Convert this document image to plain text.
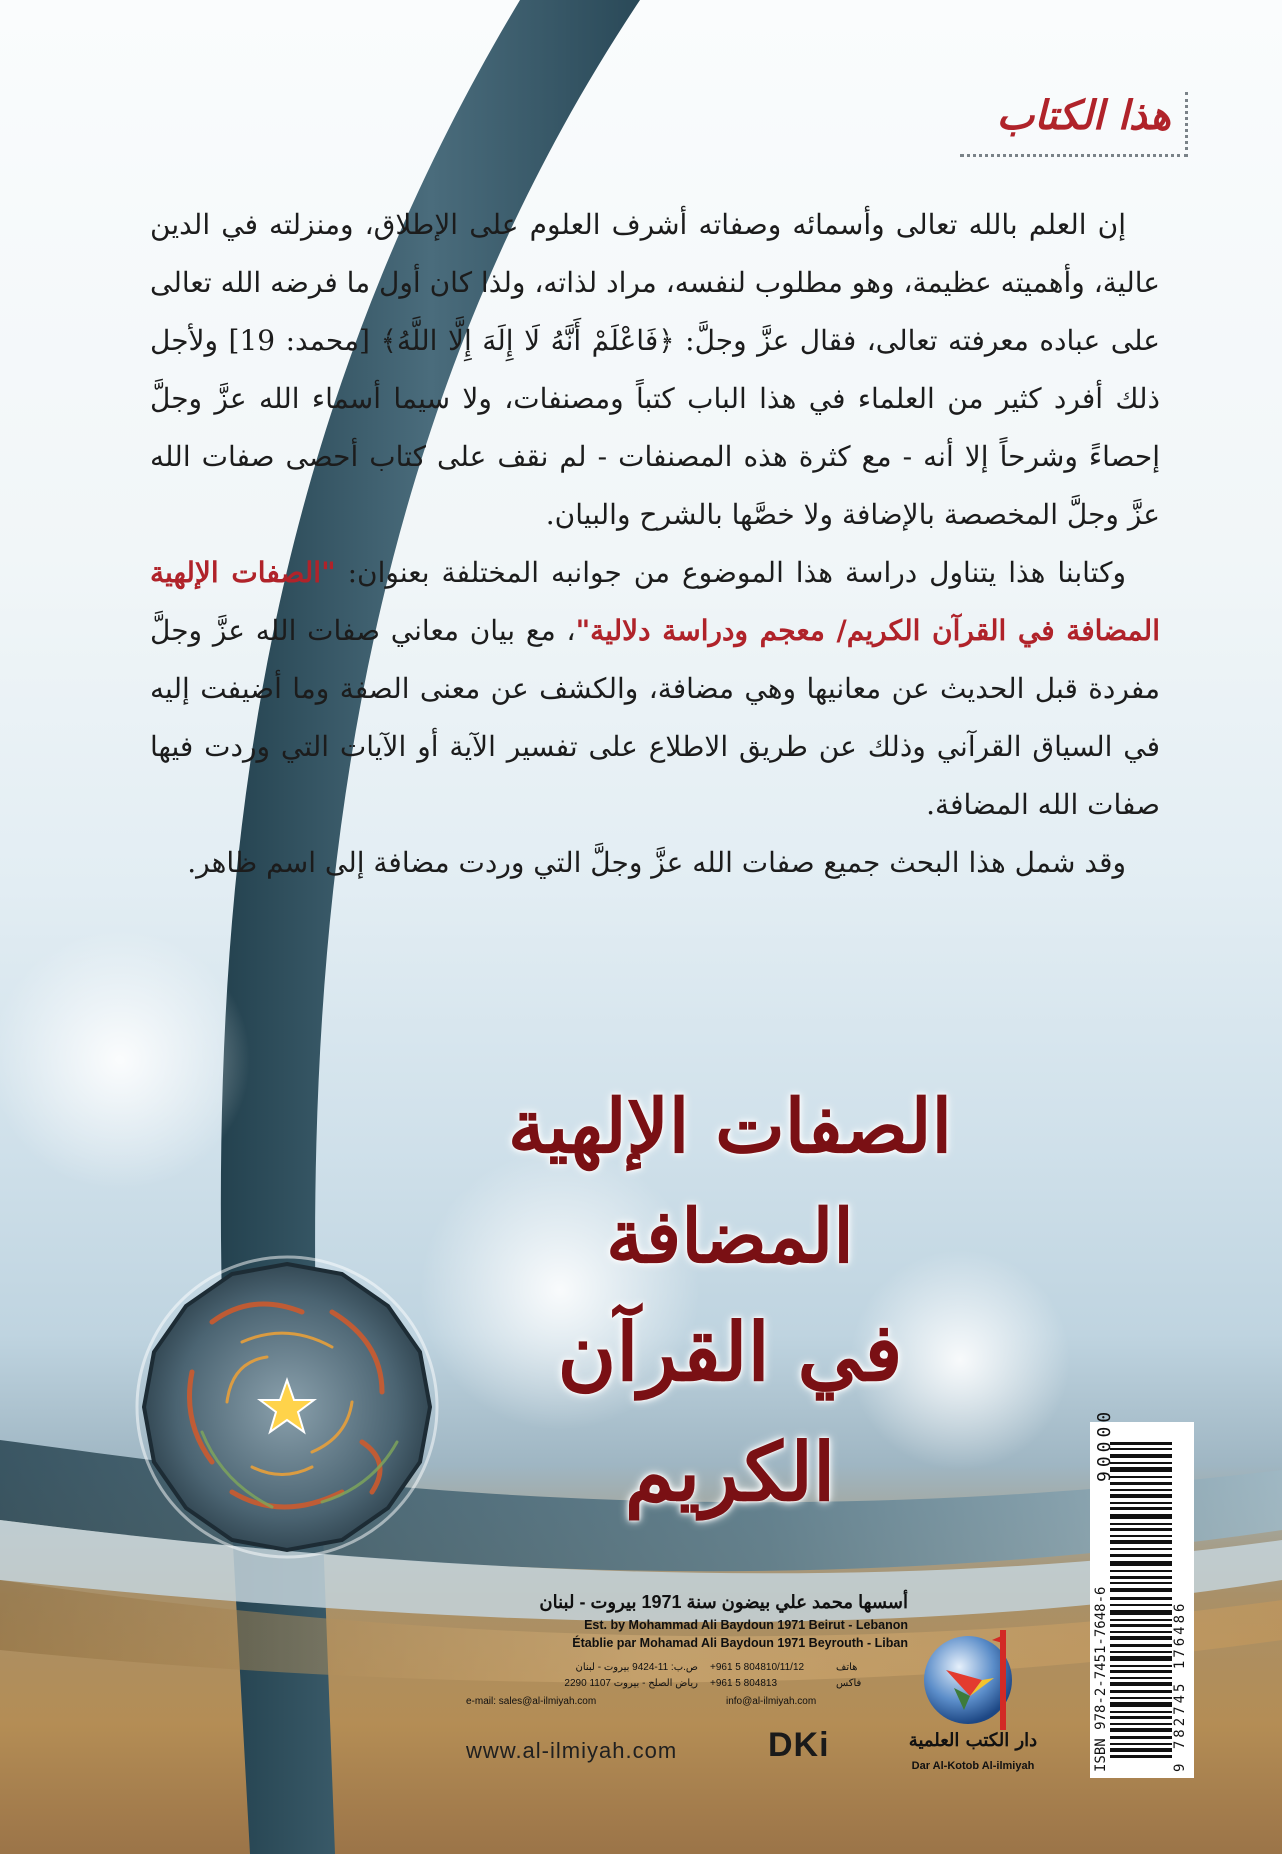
هذا الكتاب

إن العلم بالله تعالى وأسمائه وصفاته أشرف العلوم على الإطلاق، ومنزلته في الدين عالية، وأهميته عظيمة، وهو مطلوب لنفسه، مراد لذاته، ولذا كان أول ما فرضه الله تعالى على عباده معرفته تعالى، فقال عزَّ وجلَّ: ﴿فَاعْلَمْ أَنَّهُ لَا إِلَهَ إِلَّا اللَّهُ﴾ [محمد: 19] ولأجل ذلك أفرد كثير من العلماء في هذا الباب كتباً ومصنفات، ولا سيما أسماء الله عزَّ وجلَّ إحصاءً وشرحاً إلا أنه - مع كثرة هذه المصنفات - لم نقف على كتاب أحصى صفات الله عزَّ وجلَّ المخصصة بالإضافة ولا خصَّها بالشرح والبيان.

وكتابنا هذا يتناول دراسة هذا الموضوع من جوانبه المختلفة بعنوان: "الصفات الإلهية المضافة في القرآن الكريم/ معجم ودراسة دلالية"، مع بيان معاني صفات الله عزَّ وجلَّ مفردة قبل الحديث عن معانيها وهي مضافة، والكشف عن معنى الصفة وما أضيفت إليه في السياق القرآني وذلك عن طريق الاطلاع على تفسير الآية أو الآيات التي وردت فيها صفات الله المضافة.

وقد شمل هذا البحث جميع صفات الله عزَّ وجلَّ التي وردت مضافة إلى اسم ظاهر.

الصفات الإلهية المضافة
في القرآن الكريم
ISBN 978-2-7451-7648-6	9 782745 176486
90000
أسسها محمد علي بيضون سنة 1971 بيروت - لبنان
Est. by Mohammad Ali Baydoun 1971 Beirut - Lebanon
Établie par Mohamad Ali Baydoun 1971 Beyrouth - Liban
ص.ب: 11-9424 بيروت - لبنان
رياض الصلح - بيروت 1107 2290
e-mail: sales@al-ilmiyah.com
+961 5 804810/11/12	هاتف
+961 5 804813	فاكس
info@al-ilmiyah.com
www.al-ilmiyah.com	DKi	دار الكتب العلمية
Dar Al-Kotob Al-ilmiyah
